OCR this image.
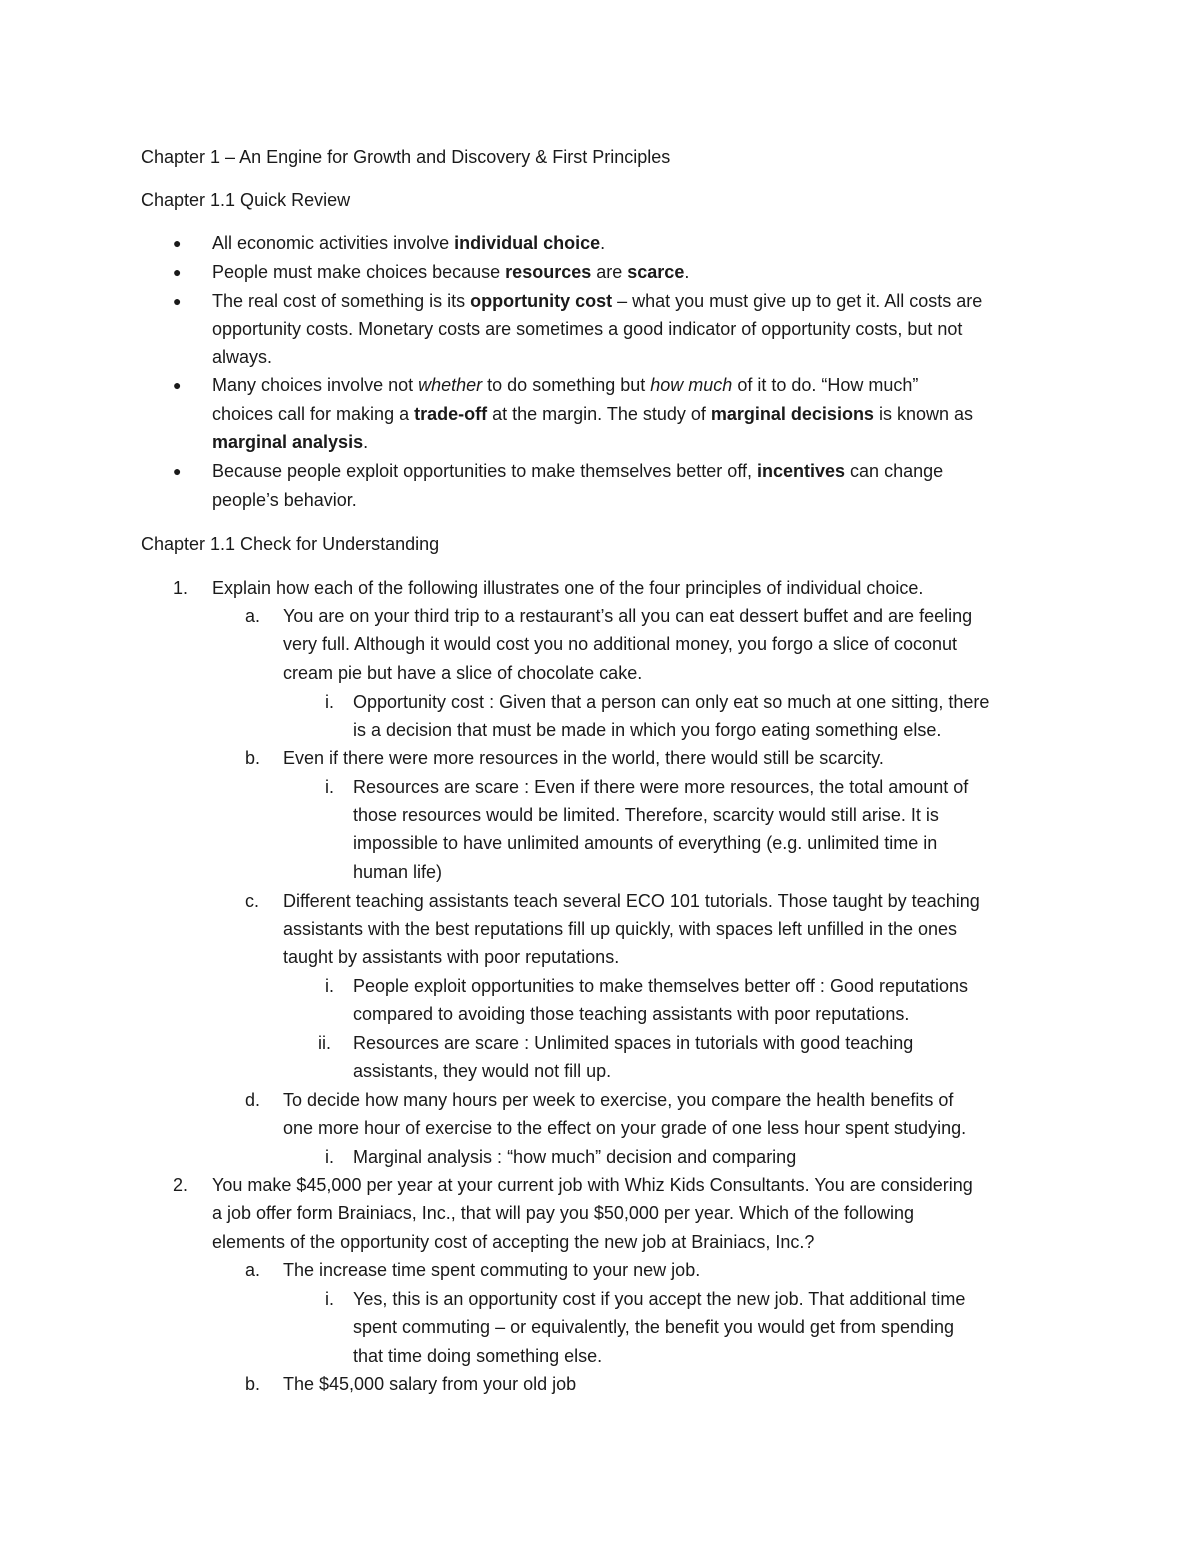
Chapter 1 – An Engine for Growth and Discovery & First Principles
Chapter 1.1 Quick Review
● All economic activities involve individual choice.
● People must make choices because resources are scarce.
● The real cost of something is its opportunity cost – what you must give up to get it. All costs are
opportunity costs. Monetary costs are sometimes a good indicator of opportunity costs, but not
always.
● Many choices involve not whether to do something but how much of it to do. “How much”
choices call for making a trade-off at the margin. The study of marginal decisions is known as
marginal analysis.
● Because people exploit opportunities to make themselves better off, incentives can change
people’s behavior.
Chapter 1.1 Check for Understanding
1. Explain how each of the following illustrates one of the four principles of individual choice.
a. You are on your third trip to a restaurant’s all you can eat dessert buffet and are feeling
very full. Although it would cost you no additional money, you forgo a slice of coconut
cream pie but have a slice of chocolate cake.
i. Opportunity cost : Given that a person can only eat so much at one sitting, there
is a decision that must be made in which you forgo eating something else.
b. Even if there were more resources in the world, there would still be scarcity.
i. Resources are scare : Even if there were more resources, the total amount of
those resources would be limited. Therefore, scarcity would still arise. It is
impossible to have unlimited amounts of everything (e.g. unlimited time in
human life)
c. Different teaching assistants teach several ECO 101 tutorials. Those taught by teaching
assistants with the best reputations fill up quickly, with spaces left unfilled in the ones
taught by assistants with poor reputations.
i. People exploit opportunities to make themselves better off : Good reputations
compared to avoiding those teaching assistants with poor reputations.
ii. Resources are scare : Unlimited spaces in tutorials with good teaching
assistants, they would not fill up.
d. To decide how many hours per week to exercise, you compare the health benefits of
one more hour of exercise to the effect on your grade of one less hour spent studying.
i. Marginal analysis : “how much” decision and comparing
2. You make $45,000 per year at your current job with Whiz Kids Consultants. You are considering
a job offer form Brainiacs, Inc., that will pay you $50,000 per year. Which of the following
elements of the opportunity cost of accepting the new job at Brainiacs, Inc.?
a. The increase time spent commuting to your new job.
i. Yes, this is an opportunity cost if you accept the new job. That additional time
spent commuting – or equivalently, the benefit you would get from spending
that time doing something else.
b. The $45,000 salary from your old job
